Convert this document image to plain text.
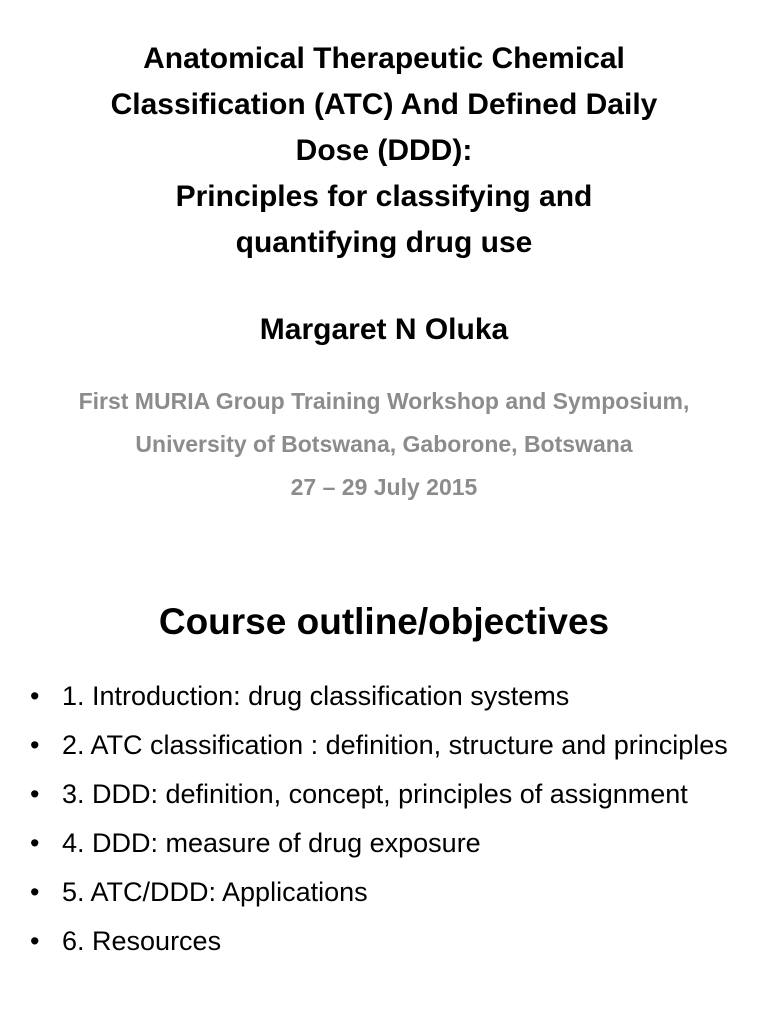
Anatomical Therapeutic Chemical
Classification (ATC) And Defined Daily
Dose (DDD):
Principles for classifying and
quantifying drug use
Margaret N Oluka
First MURIA Group Training Workshop and Symposium,
University of Botswana, Gaborone, Botswana
27 – 29 July 2015
Course outline/objectives
• 1. Introduction: drug classification systems
• 2. ATC classification : definition, structure and principles
• 3. DDD: definition, concept, principles of assignment
• 4. DDD: measure of drug exposure
• 5. ATC/DDD: Applications
• 6. Resources
